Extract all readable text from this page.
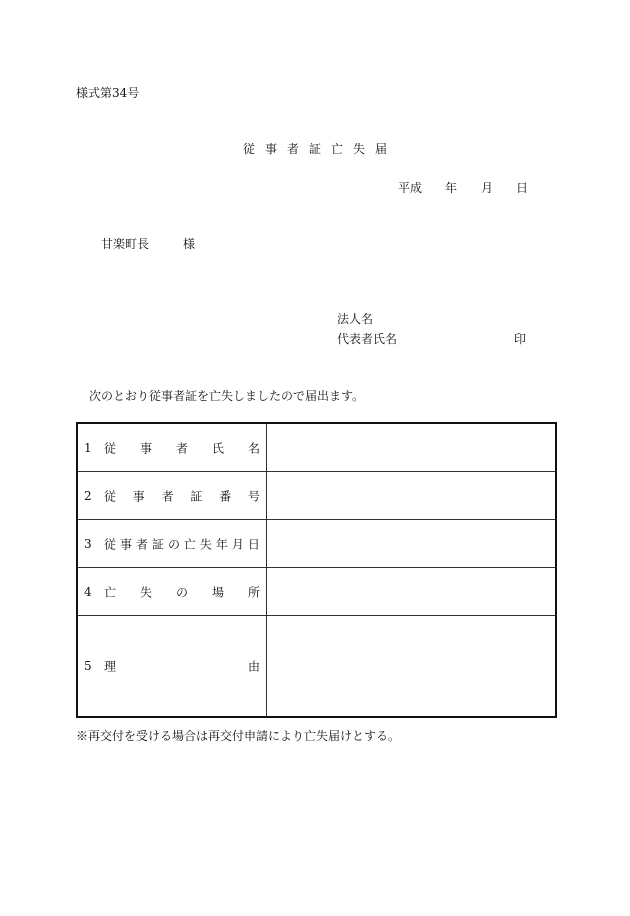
様式第34号
従 事 者 証 亡 失 届
平成 年 月 日
甘楽町長	様
法人名
代表者氏名	印
次のとおり従事者証を亡失しましたので届出ます。
1 従 事 者 氏 名
2 従 事 者 証 番 号
3 従 事 者 証 の 亡 失 年 月 日
4 亡 失 の 場 所
5 理	由
※再交付を受ける場合は再交付申請により亡失届けとする。
